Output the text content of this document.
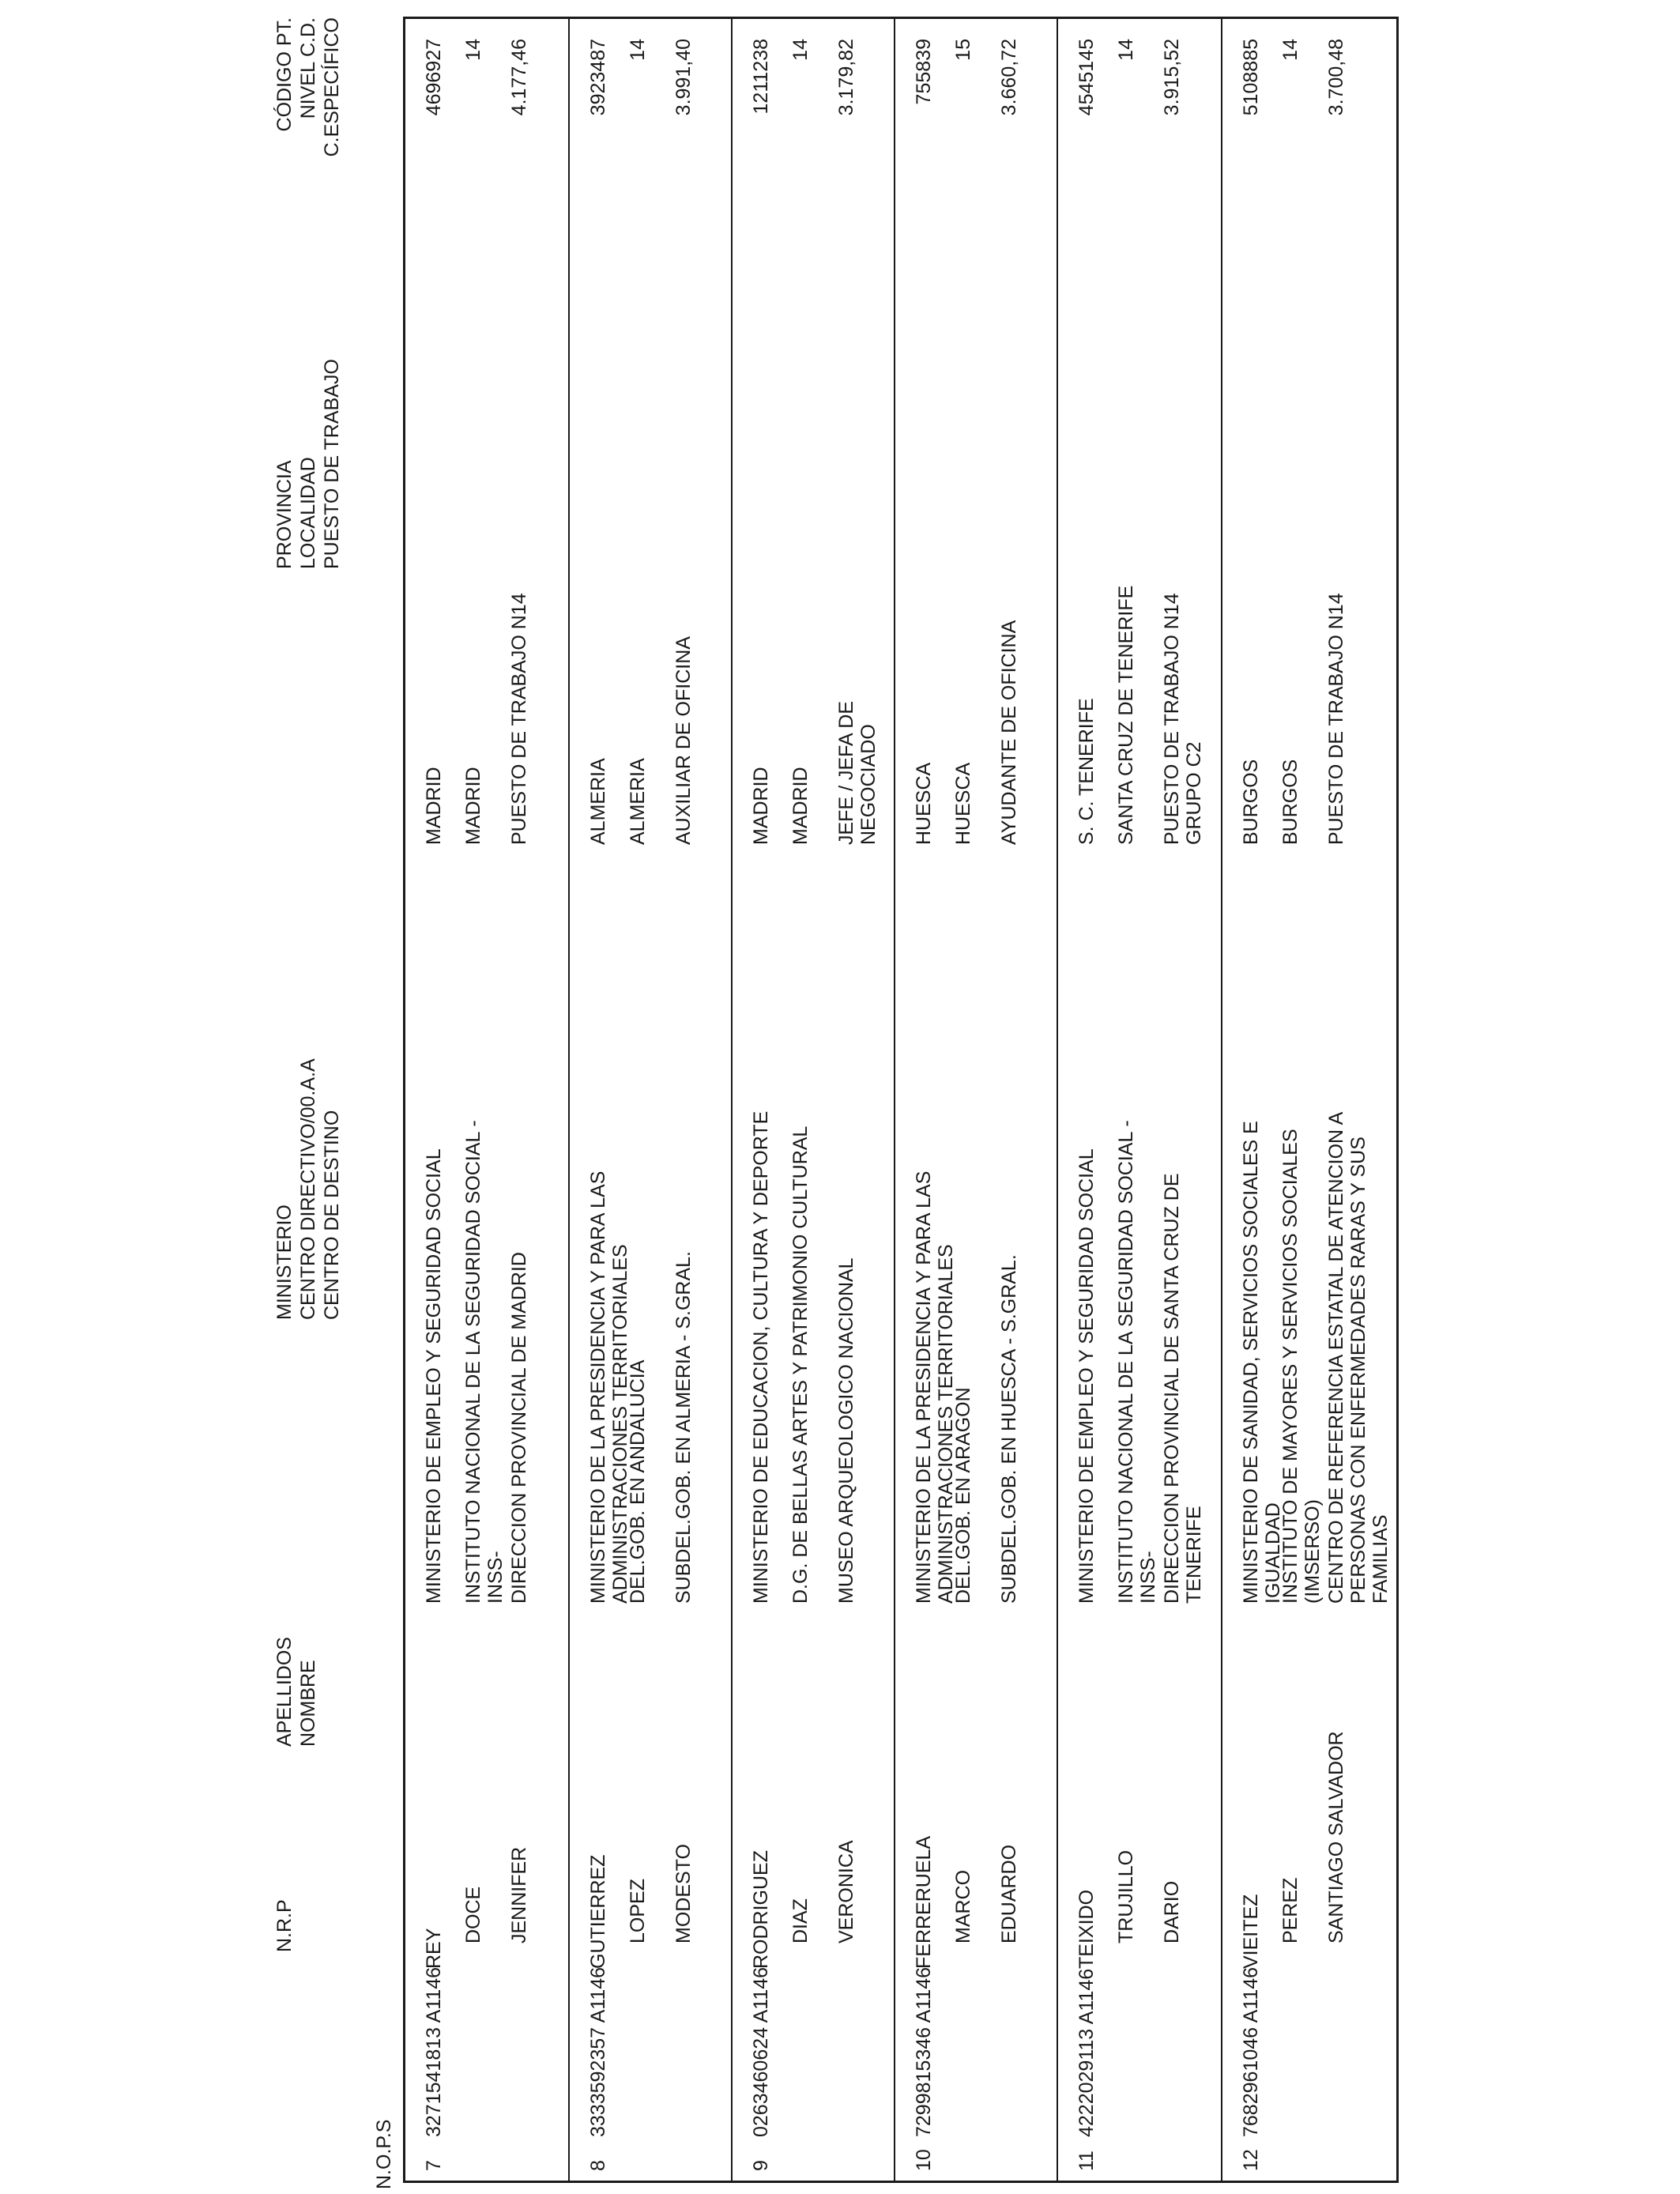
N.O.P.S
N.R.P
APELLIDOS NOMBRE
MINISTERIO CENTRO DIRECTIVO/00.A.A CENTRO DE DESTINO
PROVINCIA LOCALIDAD PUESTO DE TRABAJO
CÓDIGO PT. NIVEL C.D. C.ESPECÍFICO
7
3271541813 A1146
REY
DOCE JENNIFER
MINISTERIO DE EMPLEO Y SEGURIDAD SOCIAL INSTITUTO NACIONAL DE LA SEGURIDAD SOCIAL -INSS- DIRECCION PROVINCIAL DE MADRID
MADRID MADRID PUESTO DE TRABAJO N14
4696927 14 4.177,46
8
3333592357 A1146
GUTIERREZ LOPEZ MODESTO
MINISTERIO DE LA PRESIDENCIA Y PARA LAS ADMINISTRACIONES TERRITORIALES
DEL.GOB. EN ANDALUCIA SUBDEL.GOB. EN ALMERIA - S.GRAL.
ALMERIA ALMERIA AUXILIAR DE OFICINA
3923487 14 3.991,40
9
0263460624 A1146
RODRIGUEZ DIAZ VERONICA
MINISTERIO DE EDUCACION, CULTURA Y DEPORTE D.G. DE BELLAS ARTES Y PATRIMONIO CULTURAL MUSEO ARQUEOLOGICO NACIONAL
MADRID MADRID JEFE / JEFA DE NEGOCIADO
1211238 14 3.179,82
10
7299815346 A1146
FERRERUELA MARCO EDUARDO
MINISTERIO DE LA PRESIDENCIA Y PARA LAS ADMINISTRACIONES TERRITORIALES
DEL.GOB. EN ARAGON SUBDEL.GOB. EN HUESCA - S.GRAL.
HUESCA HUESCA AYUDANTE DE OFICINA
755839 15 3.660,72
11
4222029113 A1146
TEIXIDO TRUJILLO DARIO
MINISTERIO DE EMPLEO Y SEGURIDAD SOCIAL INSTITUTO NACIONAL DE LA SEGURIDAD SOCIAL -INSS- DIRECCION PROVINCIAL DE SANTA CRUZ DE TENERIFE
S. C. TENERIFE SANTA CRUZ DE TENERIFE PUESTO DE TRABAJO N14 GRUPO C2
4545145 14 3.915,52
12
7682961046 A1146
VIEITEZ PEREZ SANTIAGO SALVADOR
MINISTERIO DE SANIDAD, SERVICIOS SOCIALES E IGUALDAD
INSTITUTO DE MAYORES Y SERVICIOS SOCIALES (IMSERSO) CENTRO DE REFERENCIA ESTATAL DE ATENCION A PERSONAS CON ENFERMEDADES RARAS Y SUS FAMILIAS
BURGOS BURGOS PUESTO DE TRABAJO N14
5108885 14 3.700,48
